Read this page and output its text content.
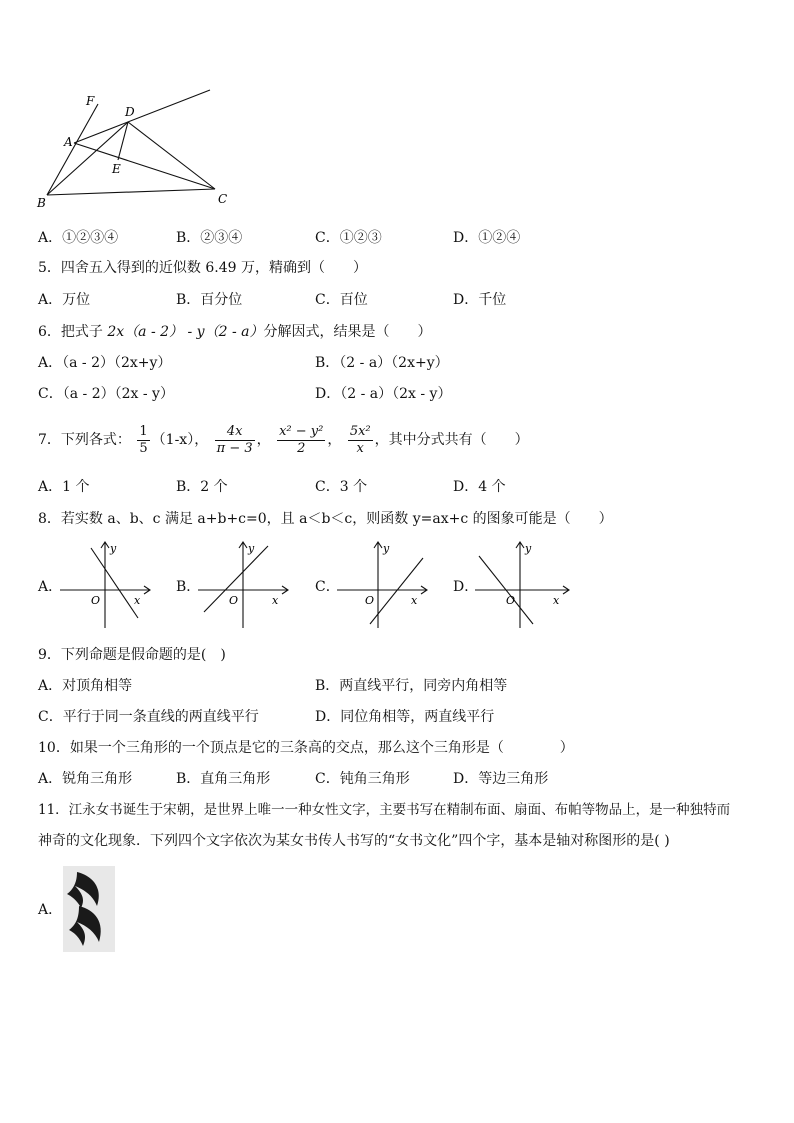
F
D
A
E
B	C
A．①②③④	B．②③④	C．①②③	D．①②④
5．四舍五入得到的近似数 6.49 万，精确到（　　）
A．万位	B．百分位	C．百位	D．千位
6．把式子 2x（a - 2） - y（2 - a）分解因式，结果是（　　）
A．（a - 2）（2x+y）	B．（2 - a）（2x+y）
C．（a - 2）（2x - y）	D．（2 - a）（2x - y）
7．下列各式： $\frac{1}{5} (1-x)$， $\frac{4x}{\pi - 3}$ ， $\frac{\text{x² − y²}}{2}$ ， $\frac{\text{5x²}}{x}$ ，其中分式共有（　　）
A．1 个	B．2 个	C．3 个	D．4 个
8．若实数 a、b、c 满足 a+b+c=0，且 a＜b＜c，则函数 y=ax+c 的图象可能是（　　）
A．
y
x
O
B．
y
x
O
C．
y
x
O
D．
y
x
O
9．下列命题是假命题的是(　)
A．对顶角相等	B．两直线平行，同旁内角相等
C．平行于同一条直线的两直线平行	D．同位角相等，两直线平行
10．如果一个三角形的一个顶点是它的三条高的交点，那么这个三角形是（　　　　）
A．锐角三角形	B．直角三角形	C．钝角三角形	D．等边三角形
11．江永女书诞生于宋朝，是世界上唯一一种女性文字，主要书写在精制布面、扇面、布帕等物品上，是一种独特而
神奇的文化现象．下列四个文字依次为某女书传人书写的“女书文化”四个字，基本是轴对称图形的是( )
A．
